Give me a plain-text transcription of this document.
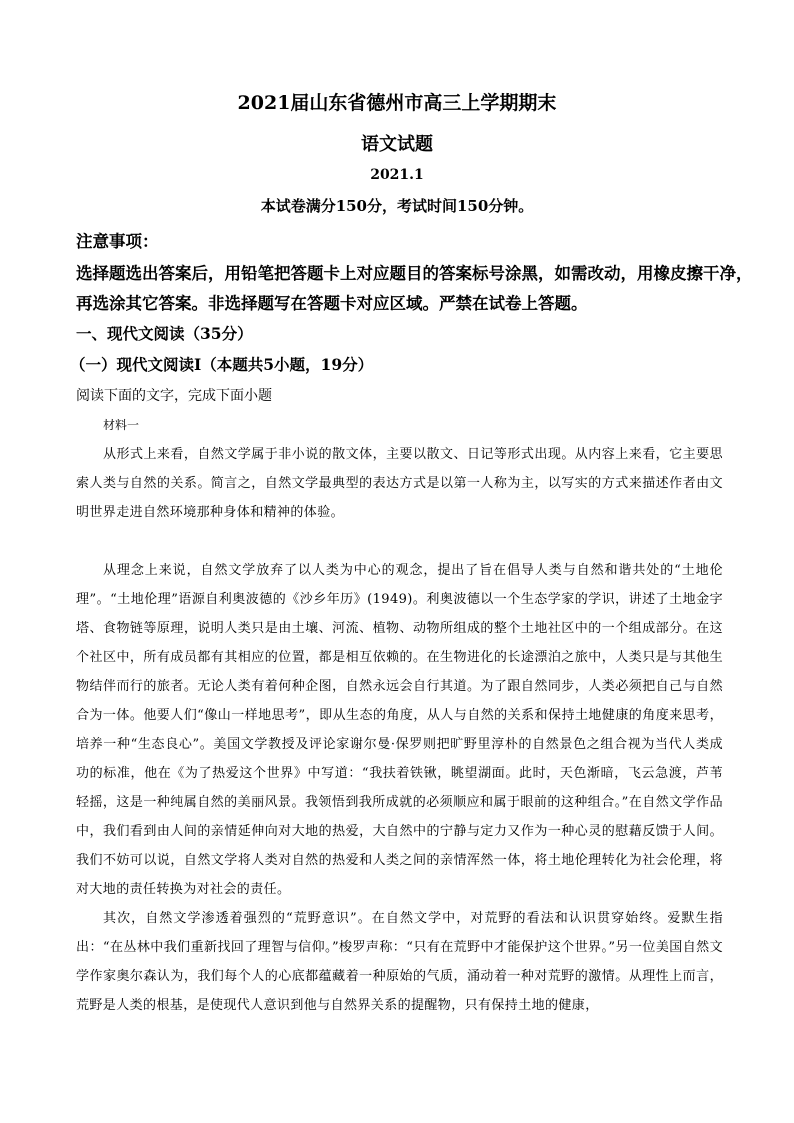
2021届山东省德州市高三上学期期末
语文试题
2021.1
本试卷满分150分，考试时间150分钟。
注意事项：
选择题选出答案后，用铅笔把答题卡上对应题目的答案标号涂黑，如需改动，用橡皮擦干净，
再选涂其它答案。非选择题写在答题卡对应区域。严禁在试卷上答题。
一、现代文阅读（35分）
（一）现代文阅读Ⅰ（本题共5小题，19分）
阅读下面的文字，完成下面小题
材料一

从形式上来看，自然文学属于非小说的散文体，主要以散文、日记等形式出现。从内容上来看，它主要思索人类与自然的关系。简言之，自然文学最典型的表达方式是以第一人称为主，以写实的方式来描述作者由文明世界走进自然环境那种身体和精神的体验。

从理念上来说，自然文学放弃了以人类为中心的观念，提出了旨在倡导人类与自然和谐共处的“土地伦理”。“土地伦理”语源自利奥波德的《沙乡年历》(1949)。利奥波德以一个生态学家的学识，讲述了土地金字塔、食物链等原理，说明人类只是由土壤、河流、植物、动物所组成的整个土地社区中的一个组成部分。在这个社区中，所有成员都有其相应的位置，都是相互依赖的。在生物进化的长途漂泊之旅中，人类只是与其他生物结伴而行的旅者。无论人类有着何种企图，自然永远会自行其道。为了跟自然同步，人类必须把自己与自然合为一体。他要人们“像山一样地思考”，即从生态的角度，从人与自然的关系和保持土地健康的角度来思考，培养一种“生态良心”。美国文学教授及评论家谢尔曼·保罗则把旷野里淳朴的自然景色之组合视为当代人类成功的标准，他在《为了热爱这个世界》中写道：“我扶着铁锹，眺望湖面。此时，天色渐暗，飞云急渡，芦苇轻摇，这是一种纯属自然的美丽风景。我领悟到我所成就的必须顺应和属于眼前的这种组合。”在自然文学作品中，我们看到由人间的亲情延伸向对大地的热爱，大自然中的宁静与定力又作为一种心灵的慰藉反馈于人间。我们不妨可以说，自然文学将人类对自然的热爱和人类之间的亲情浑然一体，将土地伦理转化为社会伦理，将对大地的责任转换为对社会的责任。

其次，自然文学渗透着强烈的“荒野意识”。在自然文学中，对荒野的看法和认识贯穿始终。爱默生指出：“在丛林中我们重新找回了理智与信仰。”梭罗声称：“只有在荒野中才能保护这个世界。”另一位美国自然文学作家奥尔森认为，我们每个人的心底都蕴藏着一种原始的气质，涌动着一种对荒野的激情。从理性上而言，荒野是人类的根基，是使现代人意识到他与自然界关系的提醒物，只有保持土地的健康，
